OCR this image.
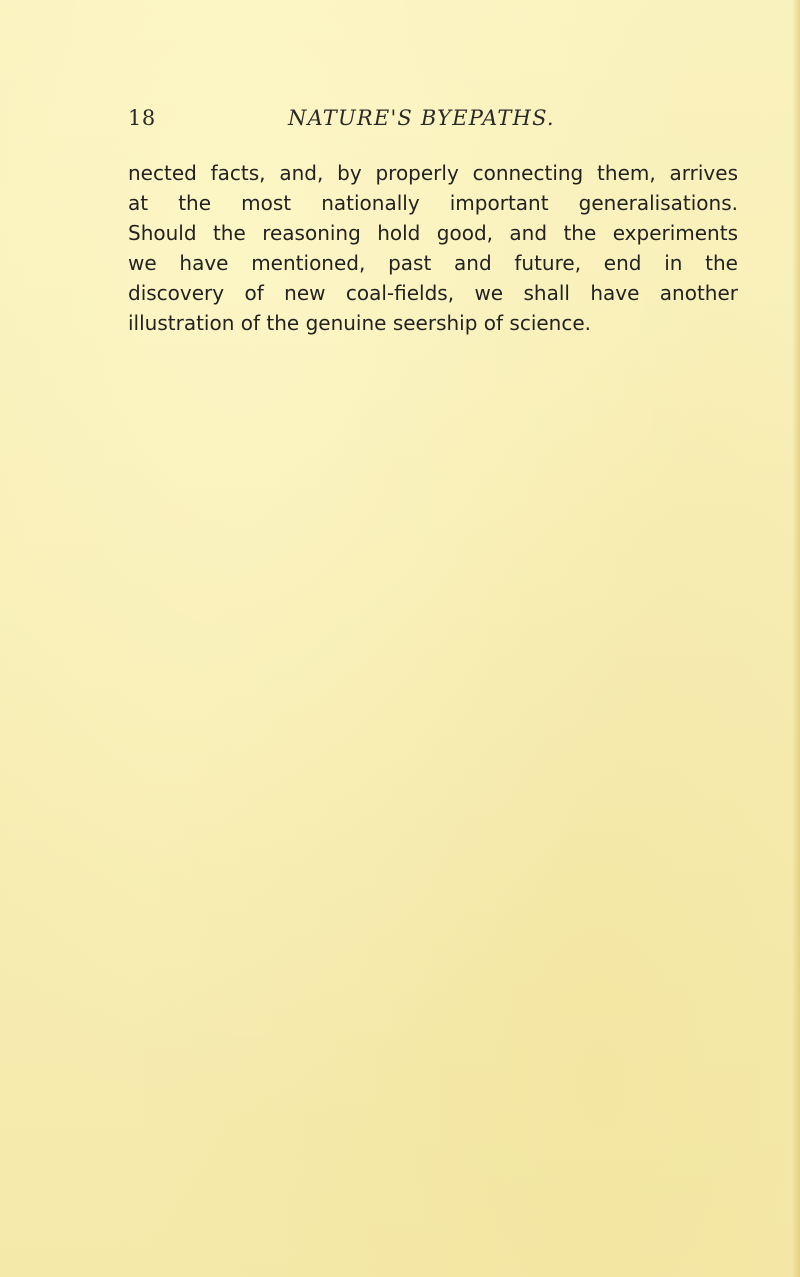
18	NATURE'S BYEPATHS.
nected facts, and, by properly connecting them, arrives
at the most nationally important generalisations.
Should the reasoning hold good, and the experiments
we have mentioned, past and future, end in the
discovery of new coal-fields, we shall have another
illustration of the genuine seership of science.
